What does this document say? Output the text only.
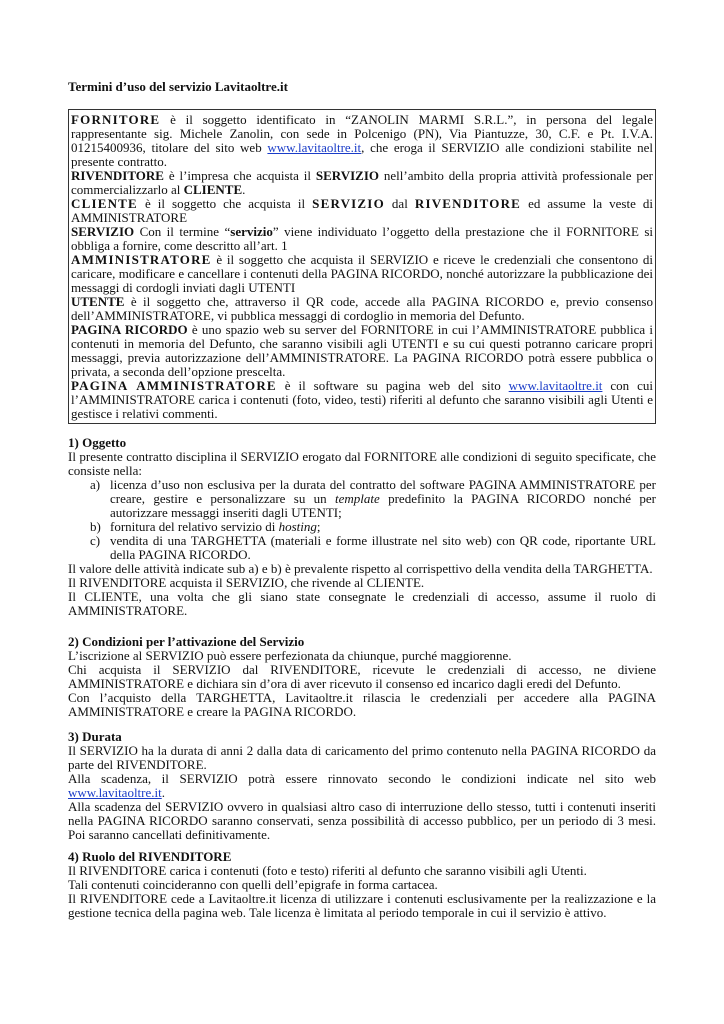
Termini d’uso del servizio Lavitaoltre.it

FORNITORE è il soggetto identificato in “ZANOLIN MARMI S.R.L.”, in persona del legale rappresentante sig. Michele Zanolin, con sede in Polcenigo (PN), Via Piantuzze, 30, C.F. e Pt. I.V.A. 01215400936, titolare del sito web www.lavitaoltre.it, che eroga il SERVIZIO alle condizioni stabilite nel presente contratto.

RIVENDITORE è l’impresa che acquista il SERVIZIO nell’ambito della propria attività professionale per commercializzarlo al CLIENTE.

CLIENTE è il soggetto che acquista il SERVIZIO dal RIVENDITORE ed assume la veste di AMMINISTRATORE

SERVIZIO Con il termine “servizio” viene individuato l’oggetto della prestazione che il FORNITORE si obbliga a fornire, come descritto all’art. 1

AMMINISTRATORE è il soggetto che acquista il SERVIZIO e riceve le credenziali che consentono di caricare, modificare e cancellare i contenuti della PAGINA RICORDO, nonché autorizzare la pubblicazione dei messaggi di cordogli inviati dagli UTENTI

UTENTE è il soggetto che, attraverso il QR code, accede alla PAGINA RICORDO e, previo consenso dell’AMMINISTRATORE, vi pubblica messaggi di cordoglio in memoria del Defunto.

PAGINA RICORDO è uno spazio web su server del FORNITORE in cui l’AMMINISTRATORE pubblica i contenuti in memoria del Defunto, che saranno visibili agli UTENTI e su cui questi potranno caricare propri messaggi, previa autorizzazione dell’AMMINISTRATORE. La PAGINA RICORDO potrà essere pubblica o privata, a seconda dell’opzione prescelta.

PAGINA AMMINISTRATORE è il software su pagina web del sito www.lavitaoltre.it con cui l’AMMINISTRATORE carica i contenuti (foto, video, testi) riferiti al defunto che saranno visibili agli Utenti e gestisce i relativi commenti.

1) Oggetto

Il presente contratto disciplina il SERVIZIO erogato dal FORNITORE alle condizioni di seguito specificate, che consiste nella:

a) licenza d’uso non esclusiva per la durata del contratto del software PAGINA AMMINISTRATORE per creare, gestire e personalizzare su un template predefinito la PAGINA RICORDO nonché per autorizzare messaggi inseriti dagli UTENTI;
b) fornitura del relativo servizio di hosting;
c) vendita di una TARGHETTA (materiali e forme illustrate nel sito web) con QR code, riportante URL della PAGINA RICORDO.

Il valore delle attività indicate sub a) e b) è prevalente rispetto al corrispettivo della vendita della TARGHETTA.

Il RIVENDITORE acquista il SERVIZIO, che rivende al CLIENTE.

Il CLIENTE, una volta che gli siano state consegnate le credenziali di accesso, assume il ruolo di AMMINISTRATORE.

2) Condizioni per l’attivazione del Servizio

L’iscrizione al SERVIZIO può essere perfezionata da chiunque, purché maggiorenne.

Chi acquista il SERVIZIO dal RIVENDITORE, ricevute le credenziali di accesso, ne diviene AMMINISTRATORE e dichiara sin d’ora di aver ricevuto il consenso ed incarico dagli eredi del Defunto.

Con l’acquisto della TARGHETTA, Lavitaoltre.it rilascia le credenziali per accedere alla PAGINA AMMINISTRATORE e creare la PAGINA RICORDO.

3) Durata

Il SERVIZIO ha la durata di anni 2 dalla data di caricamento del primo contenuto nella PAGINA RICORDO da parte del RIVENDITORE.

Alla scadenza, il SERVIZIO potrà essere rinnovato secondo le condizioni indicate nel sito web www.lavitaoltre.it.

Alla scadenza del SERVIZIO ovvero in qualsiasi altro caso di interruzione dello stesso, tutti i contenuti inseriti nella PAGINA RICORDO saranno conservati, senza possibilità di accesso pubblico, per un periodo di 3 mesi. Poi saranno cancellati definitivamente.

4) Ruolo del RIVENDITORE

Il RIVENDITORE carica i contenuti (foto e testo) riferiti al defunto che saranno visibili agli Utenti.

Tali contenuti coincideranno con quelli dell’epigrafe in forma cartacea.

Il RIVENDITORE cede a Lavitaoltre.it licenza di utilizzare i contenuti esclusivamente per la realizzazione e la gestione tecnica della pagina web. Tale licenza è limitata al periodo temporale in cui il servizio è attivo.
